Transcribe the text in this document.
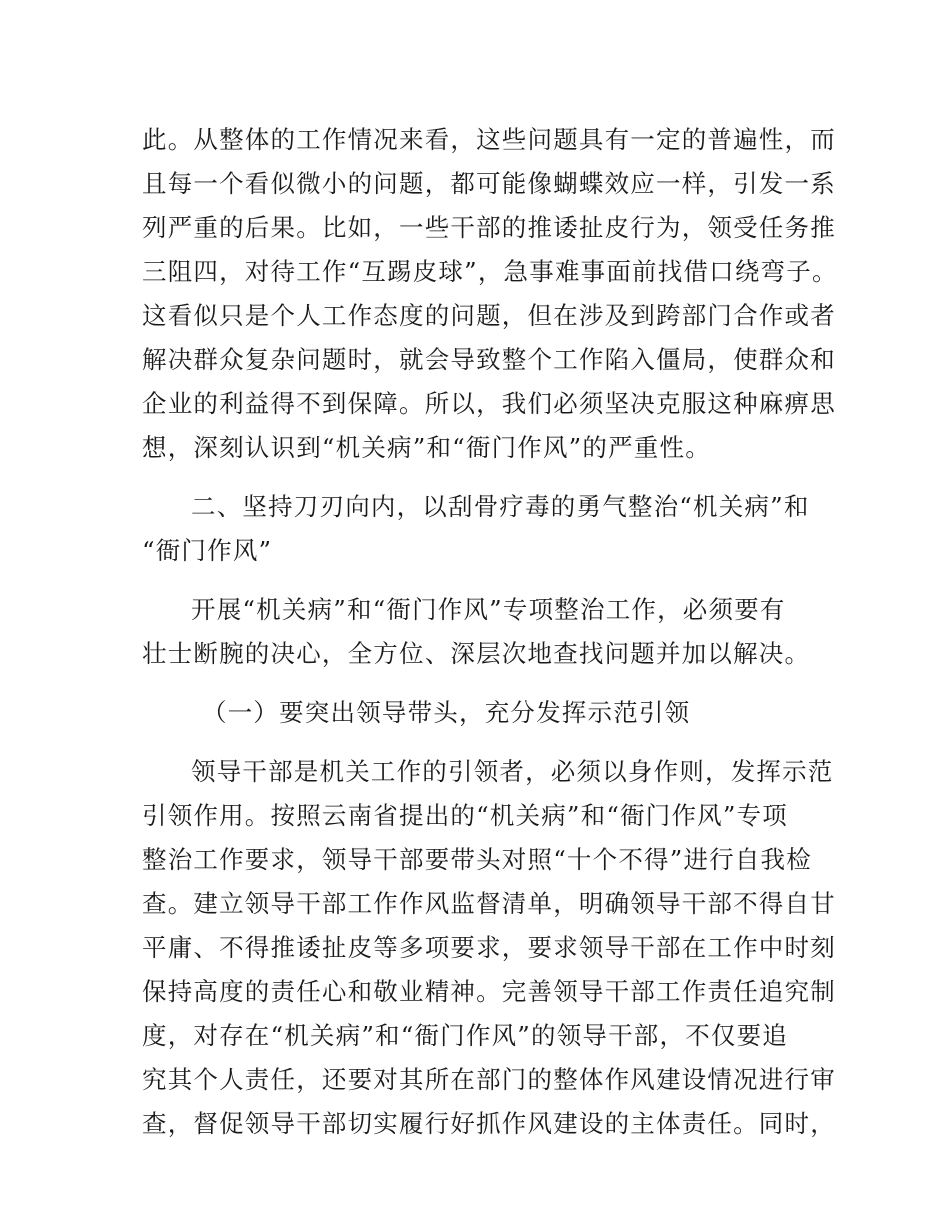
此。从整体的工作情况来看，这些问题具有一定的普遍性，而
且每一个看似微小的问题，都可能像蝴蝶效应一样，引发一系
列严重的后果。比如，一些干部的推诿扯皮行为，领受任务推
三阻四，对待工作“互踢皮球”，急事难事面前找借口绕弯子。
这看似只是个人工作态度的问题，但在涉及到跨部门合作或者
解决群众复杂问题时，就会导致整个工作陷入僵局，使群众和
企业的利益得不到保障。所以，我们必须坚决克服这种麻痹思
想，深刻认识到“机关病”和“衙门作风”的严重性。
二、坚持刀刃向内，以刮骨疗毒的勇气整治“机关病”和
“衙门作风”
开展“机关病”和“衙门作风”专项整治工作，必须要有
壮士断腕的决心，全方位、深层次地查找问题并加以解决。
（一）要突出领导带头，充分发挥示范引领
领导干部是机关工作的引领者，必须以身作则，发挥示范
引领作用。按照云南省提出的“机关病”和“衙门作风”专项
整治工作要求，领导干部要带头对照“十个不得”进行自我检
查。建立领导干部工作作风监督清单，明确领导干部不得自甘
平庸、不得推诿扯皮等多项要求，要求领导干部在工作中时刻
保持高度的责任心和敬业精神。完善领导干部工作责任追究制
度，对存在“机关病”和“衙门作风”的领导干部，不仅要追
究其个人责任，还要对其所在部门的整体作风建设情况进行审
查，督促领导干部切实履行好抓作风建设的主体责任。同时，
